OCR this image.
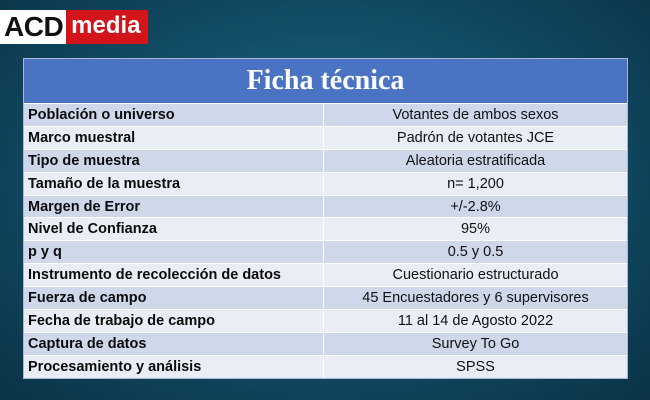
ACD media
Ficha técnica
Población o universo	Votantes de ambos sexos
Marco muestral	Padrón de votantes JCE
Tipo de muestra	Aleatoria estratificada
Tamaño de la muestra	n= 1,200
Margen de Error	+/-2.8%
Nivel de Confianza	95%
p y q	0.5 y 0.5
Instrumento de recolección de datos	Cuestionario estructurado
Fuerza de campo	45 Encuestadores y 6 supervisores
Fecha de trabajo de campo	11 al 14 de Agosto 2022
Captura de datos	Survey To Go
Procesamiento y análisis	SPSS
